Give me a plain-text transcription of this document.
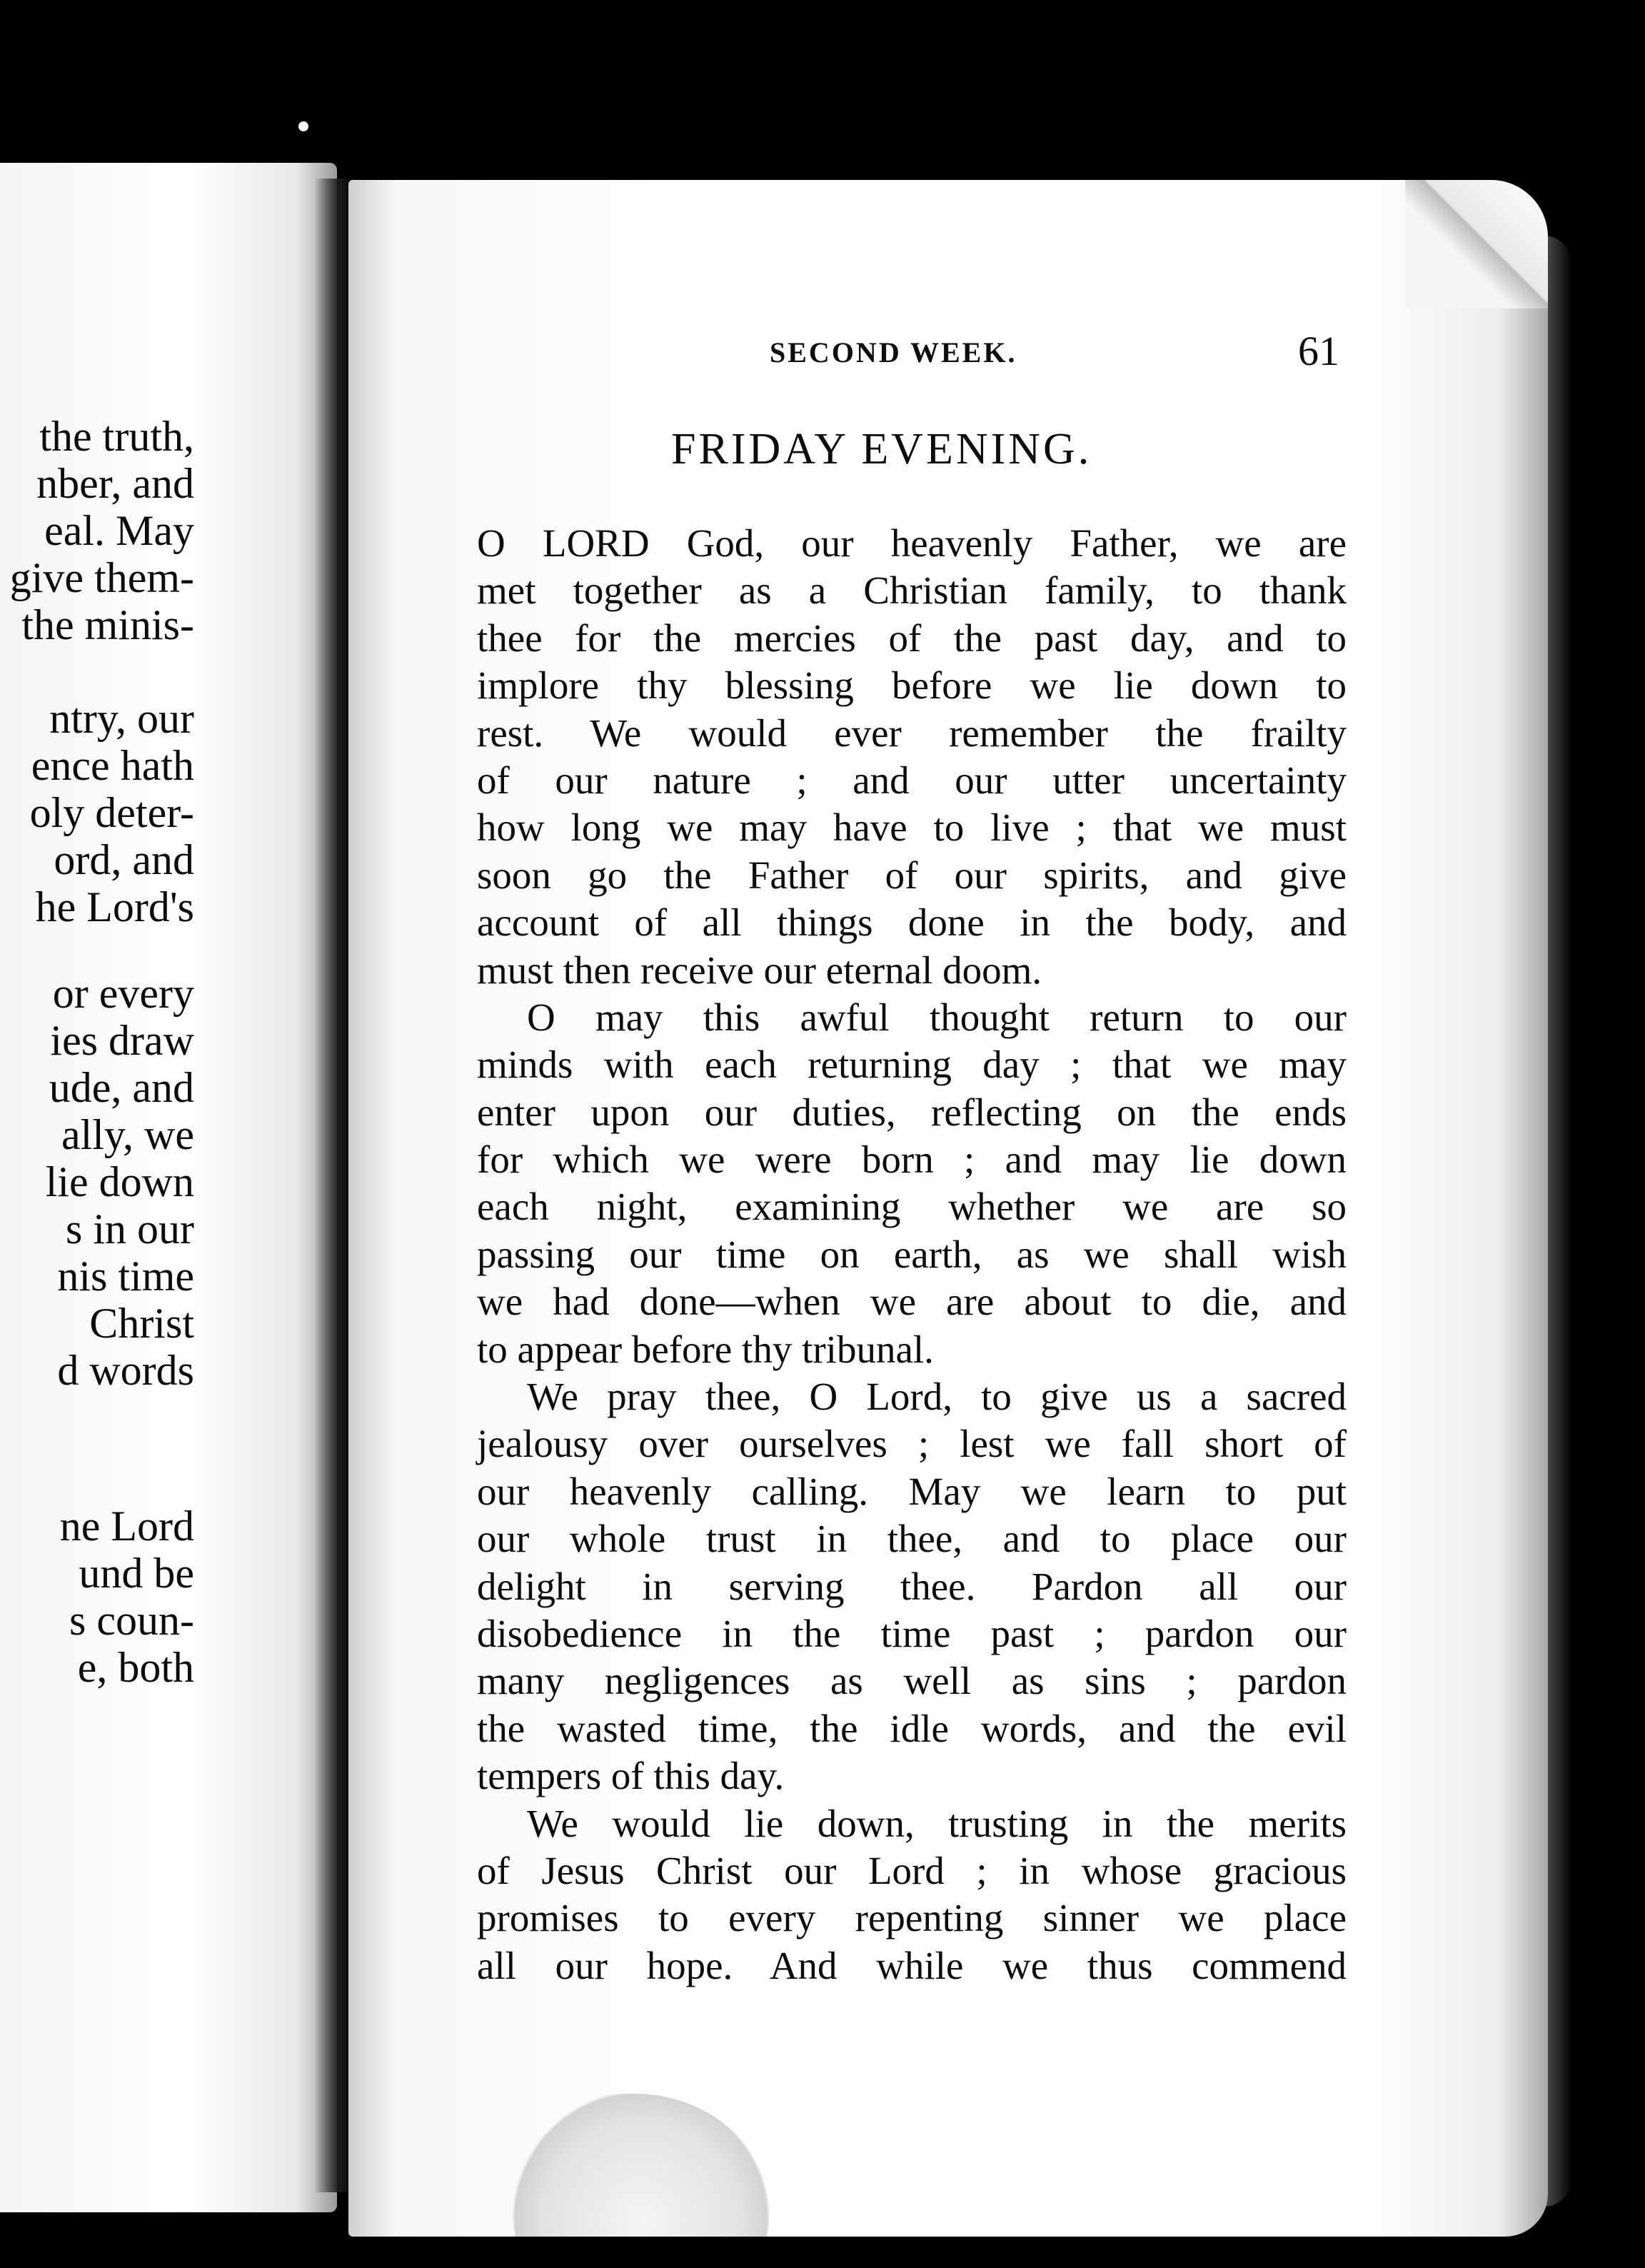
the truth,
nber, and
eal. May
give them-
the minis-
ntry, our
ence hath
oly deter-
ord, and
he Lord's
or every
ies draw
ude, and
ally, we
lie down
s in our
nis time
Christ
d words
ne Lord
und be
s coun-
e, both
SECOND WEEK.	61
FRIDAY EVENING.
O LORD God, our heavenly Father, we are
met together as a Christian family, to thank
thee for the mercies of the past day, and to
implore thy blessing before we lie down to
rest. We would ever remember the frailty
of our nature ; and our utter uncertainty
how long we may have to live ; that we must
soon go the Father of our spirits, and give
account of all things done in the body, and
must then receive our eternal doom.
O may this awful thought return to our
minds with each returning day ; that we may
enter upon our duties, reflecting on the ends
for which we were born ; and may lie down
each night, examining whether we are so
passing our time on earth, as we shall wish
we had done—when we are about to die, and
to appear before thy tribunal.
We pray thee, O Lord, to give us a sacred
jealousy over ourselves ; lest we fall short of
our heavenly calling. May we learn to put
our whole trust in thee, and to place our
delight in serving thee. Pardon all our
disobedience in the time past ; pardon our
many negligences as well as sins ; pardon
the wasted time, the idle words, and the evil
tempers of this day.
We would lie down, trusting in the merits
of Jesus Christ our Lord ; in whose gracious
promises to every repenting sinner we place
all our hope. And while we thus commend
